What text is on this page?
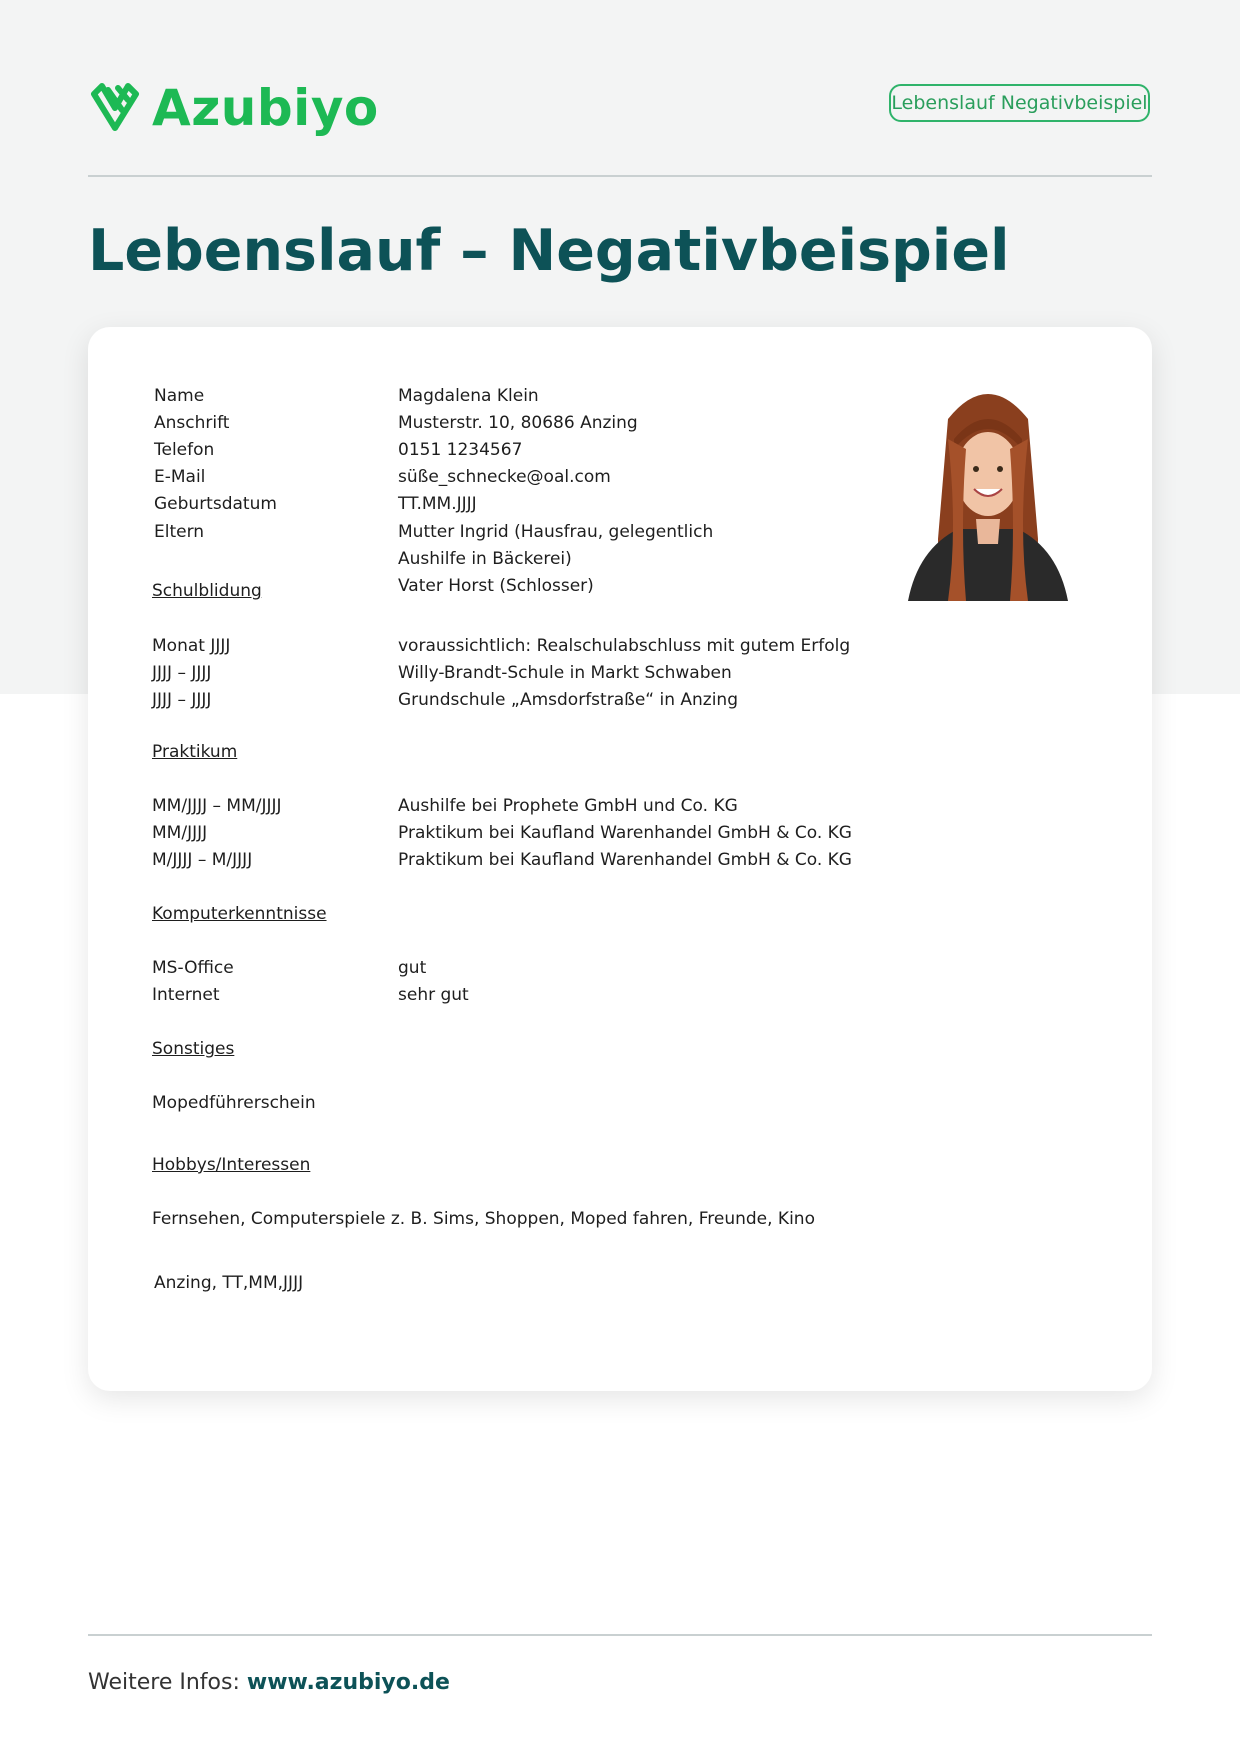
Azubiyo	Lebenslauf Negativbeispiel
Lebenslauf – Negativbeispiel
Name	Magdalena Klein
Anschrift	Musterstr. 10, 80686 Anzing
Telefon	0151 1234567
E-Mail	süße_schnecke@oal.com
Geburtsdatum	TT.MM.JJJJ
Eltern	Mutter Ingrid (Hausfrau, gelegentlich
Aushilfe in Bäckerei)
Vater Horst (Schlosser)
Schulblidung
Monat JJJJ	voraussichtlich: Realschulabschluss mit gutem Erfolg
JJJJ – JJJJ	Willy-Brandt-Schule in Markt Schwaben
JJJJ – JJJJ	Grundschule „Amsdorfstraße“ in Anzing
Praktikum
MM/JJJJ – MM/JJJJ	Aushilfe bei Prophete GmbH und Co. KG
MM/JJJJ	Praktikum bei Kaufland Warenhandel GmbH & Co. KG
M/JJJJ – M/JJJJ	Praktikum bei Kaufland Warenhandel GmbH & Co. KG
Komputerkenntnisse
MS-Office	gut
Internet	sehr gut
Sonstiges
Mopedführerschein
Hobbys/Interessen
Fernsehen, Computerspiele z. B. Sims, Shoppen, Moped fahren, Freunde, Kino
Anzing, TT,MM,JJJJ
Weitere Infos: www.azubiyo.de
